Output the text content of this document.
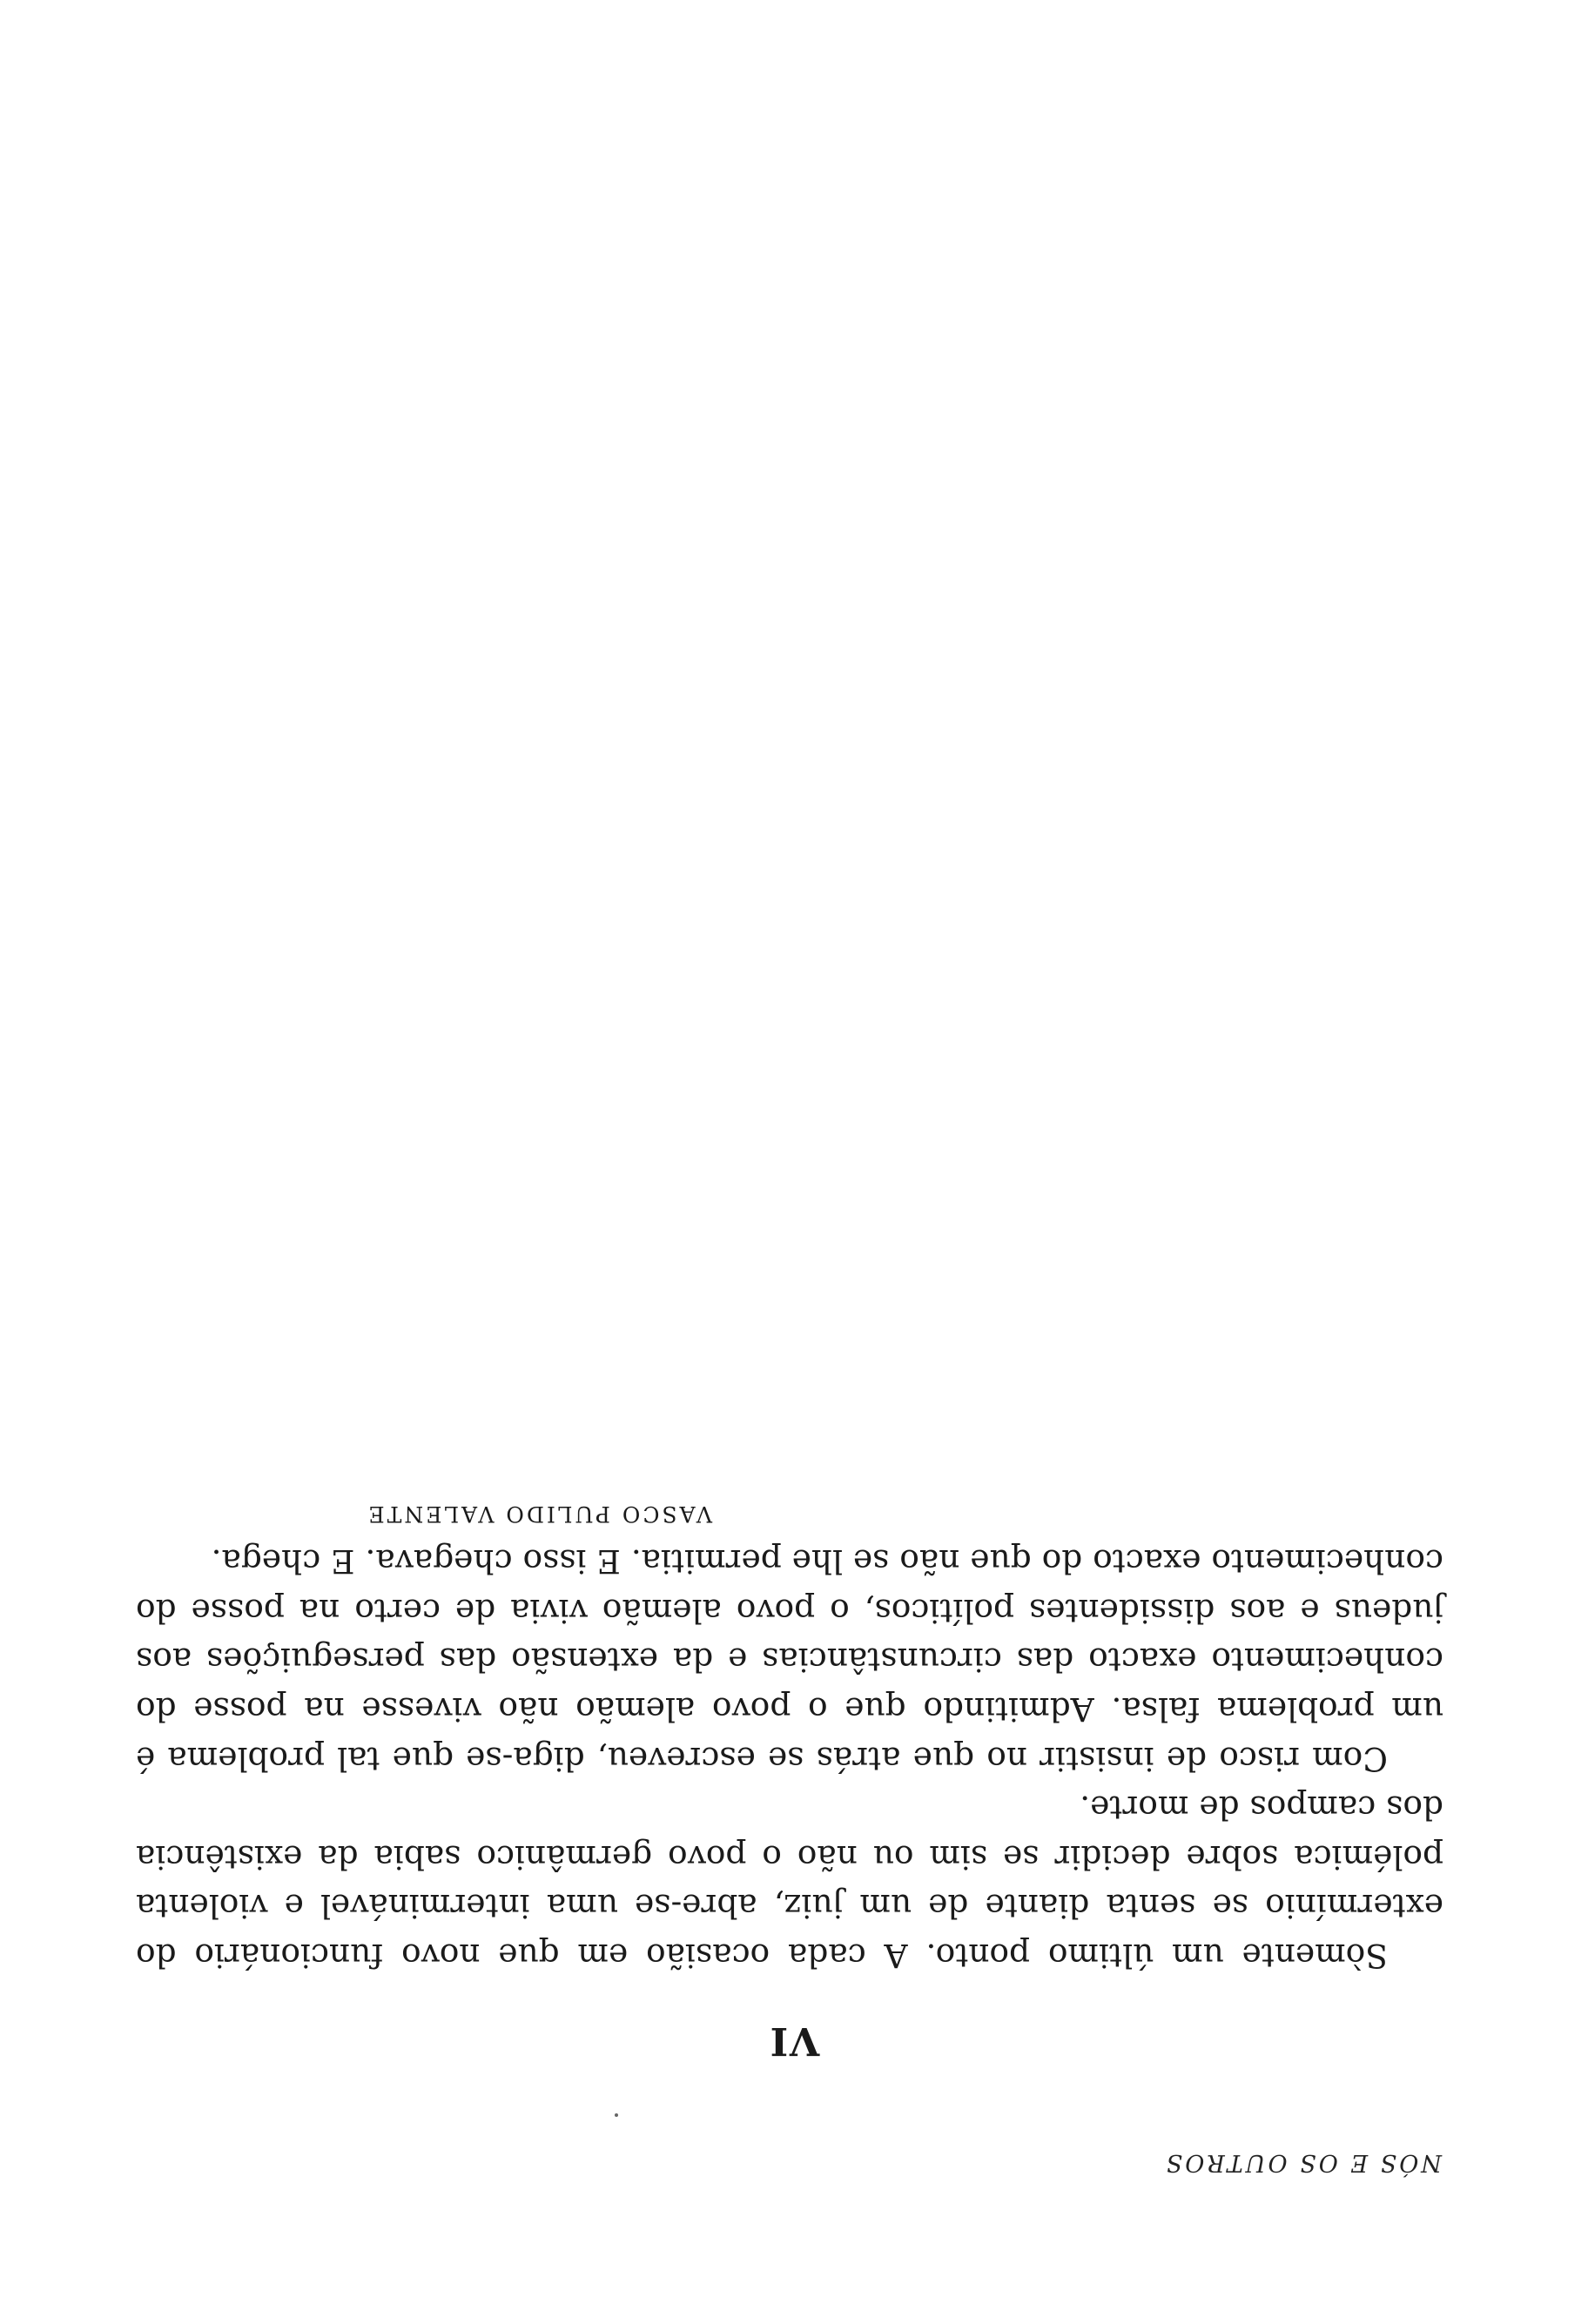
NÓS E OS OUTROS
VI

Sòmente um último ponto. A cada ocasião em que novo funcionário do extermínio se senta diante de um juiz, abre-se uma interminável e violenta polémica sobre decidir se sim ou não o povo germânico sabia da existência dos campos de morte.

Com risco de insistir no que atrás se escreveu, diga-se que tal problema é um problema falsa. Admitindo que o povo alemão não vivesse na posse do conhecimento exacto das circunstâncias e da extensão das perseguições aos judeus e aos dissidentes políticos, o povo alemão vivia de certo na posse do conhecimento exacto do que não se lhe permitia. E isso chegava. E chega.

VASCO PULIDO VALENTE
